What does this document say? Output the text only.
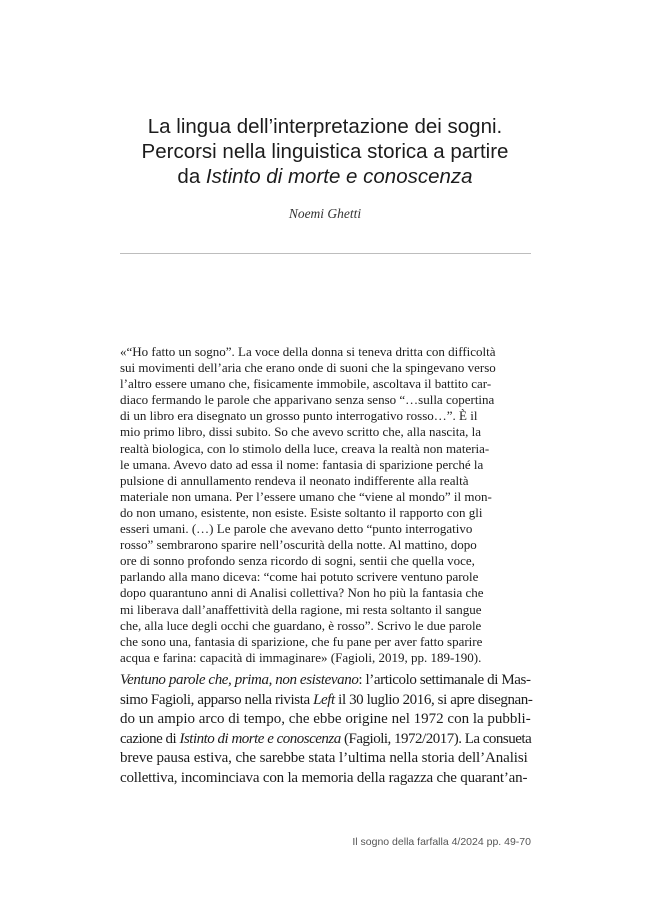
La lingua dell’interpretazione dei sogni.
Percorsi nella linguistica storica a partire
da Istinto di morte e conoscenza
Noemi Ghetti
«“Ho fatto un sogno”. La voce della donna si teneva dritta con difficoltà
sui movimenti dell’aria che erano onde di suoni che la spingevano verso
l’altro essere umano che, fisicamente immobile, ascoltava il battito car-
diaco fermando le parole che apparivano senza senso “…sulla copertina
di un libro era disegnato un grosso punto interrogativo rosso…”. È il
mio primo libro, dissi subito. So che avevo scritto che, alla nascita, la
realtà biologica, con lo stimolo della luce, creava la realtà non materia-
le umana. Avevo dato ad essa il nome: fantasia di sparizione perché la
pulsione di annullamento rendeva il neonato indifferente alla realtà
materiale non umana. Per l’essere umano che “viene al mondo” il mon-
do non umano, esistente, non esiste. Esiste soltanto il rapporto con gli
esseri umani. (…) Le parole che avevano detto “punto interrogativo
rosso” sembrarono sparire nell’oscurità della notte. Al mattino, dopo
ore di sonno profondo senza ricordo di sogni, sentii che quella voce,
parlando alla mano diceva: “come hai potuto scrivere ventuno parole
dopo quarantuno anni di Analisi collettiva? Non ho più la fantasia che
mi liberava dall’anaffettività della ragione, mi resta soltanto il sangue
che, alla luce degli occhi che guardano, è rosso”. Scrivo le due parole
che sono una, fantasia di sparizione, che fu pane per aver fatto sparire
acqua e farina: capacità di immaginare» (Fagioli, 2019, pp. 189-190).
Ventuno parole che, prima, non esistevano: l’articolo settimanale di Mas-
simo Fagioli, apparso nella rivista Left il 30 luglio 2016, si apre disegnan-
do un ampio arco di tempo, che ebbe origine nel 1972 con la pubbli-
cazione di Istinto di morte e conoscenza (Fagioli, 1972/2017). La consueta
breve pausa estiva, che sarebbe stata l’ultima nella storia dell’Analisi
collettiva, incominciava con la memoria della ragazza che quarant’an-
Il sogno della farfalla 4/2024 pp. 49-70
